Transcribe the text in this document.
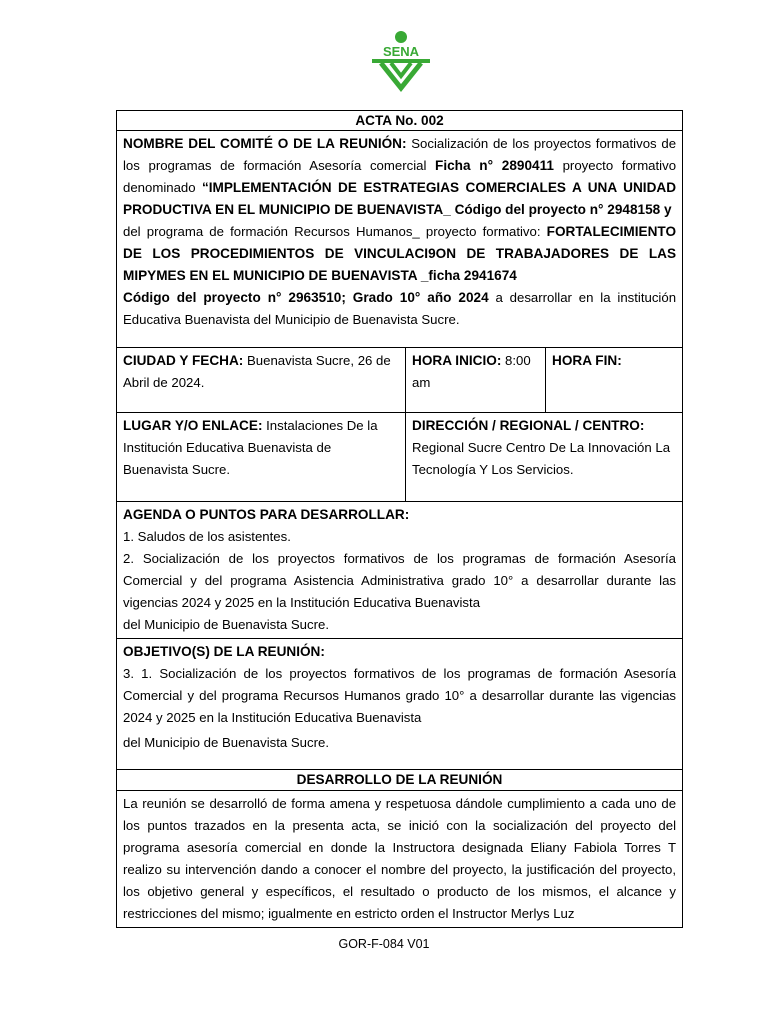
SENA
ACTA No. 002		
NOMBRE DEL COMITÉ O DE LA REUNIÓN: Socialización de los proyectos formativos de los programas de formación Asesoría comercial Ficha n° 2890411 proyecto formativo denominado “IMPLEMENTACIÓN DE ESTRATEGIAS COMERCIALES A UNA UNIDAD PRODUCTIVA EN EL MUNICIPIO DE BUENAVISTA_ Código del proyecto n° 2948158 y
del programa de formación Recursos Humanos_ proyecto formativo: FORTALECIMIENTO DE LOS PROCEDIMIENTOS DE VINCULACI9ON DE TRABAJADORES DE LAS MIPYMES EN EL MUNICIPIO DE BUENAVISTA _ficha 2941674
Código del proyecto n° 2963510; Grado 10° año 2024 a desarrollar en la institución Educativa Buenavista del Municipio de Buenavista Sucre.		

CIUDAD Y FECHA: Buenavista Sucre, 26 de Abril de 2024.	HORA INICIO: 8:00 am	HORA FIN:
LUGAR Y/O ENLACE: Instalaciones De la Institución Educativa Buenavista de Buenavista Sucre.	DIRECCIÓN / REGIONAL / CENTRO:
Regional Sucre Centro De La Innovación La Tecnología Y Los Servicios.	

AGENDA O PUNTOS PARA DESARROLLAR:
1. Saludos de los asistentes.
2. Socialización de los proyectos formativos de los programas de formación Asesoría Comercial y del programa Asistencia Administrativa grado 10° a desarrollar durante las vigencias 2024 y 2025 en la Institución Educativa Buenavista
del Municipio de Buenavista Sucre.		

OBJETIVO(S) DE LA REUNIÓN:
3. 1. Socialización de los proyectos formativos de los programas de formación Asesoría Comercial y del programa Recursos Humanos grado 10° a desarrollar durante las vigencias 2024 y 2025 en la Institución Educativa Buenavista
del Municipio de Buenavista Sucre.		

DESARROLLO DE LA REUNIÓN		
La reunión se desarrolló de forma amena y respetuosa dándole cumplimiento a cada uno de los puntos trazados en la presenta acta, se inició con la socialización del proyecto del programa asesoría comercial en donde la Instructora designada Eliany Fabiola Torres T realizo su intervención dando a conocer el nombre del proyecto, la justificación del proyecto, los objetivo general y específicos, el resultado o producto de los mismos, el alcance y restricciones del mismo; igualmente en estricto orden el Instructor Merlys Luz		
GOR-F-084 V01
